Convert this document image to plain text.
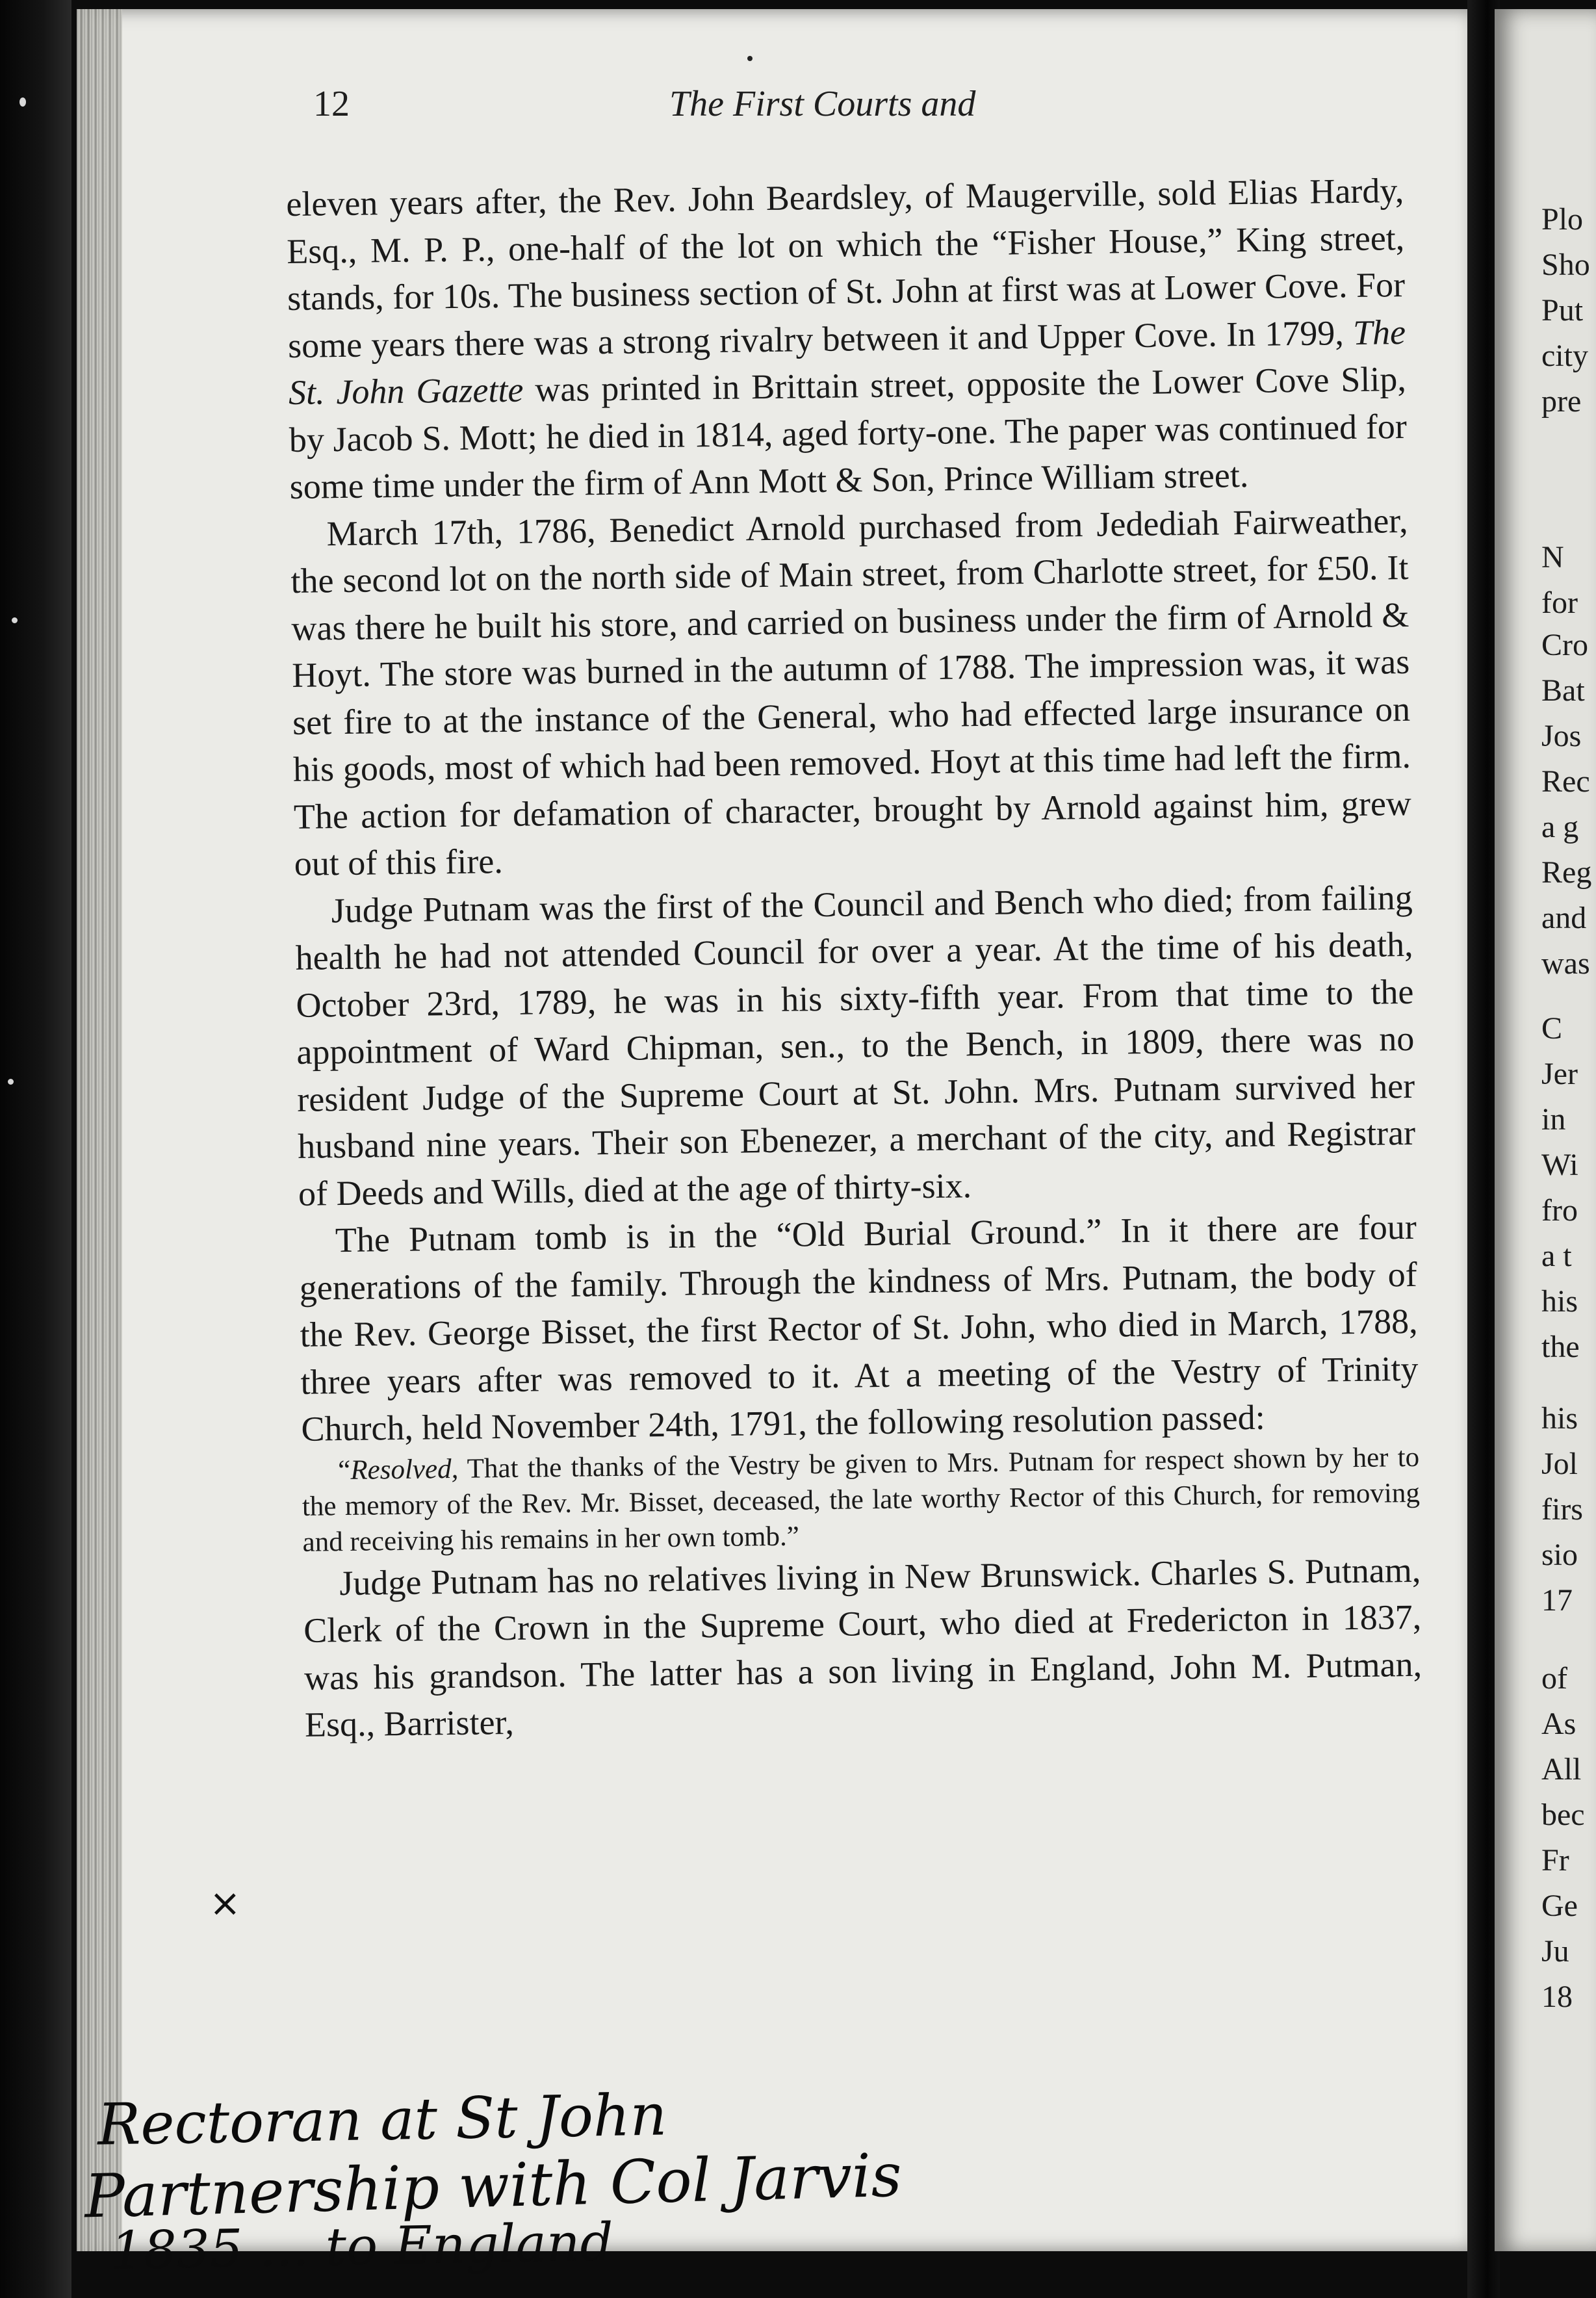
Plo
Sho
Put
city
pre
N
for
Cro
Bat
Jos
Rec
a g
Reg
and
was
C
Jer
in
Wi
fro
a t
his
the
his
Jol
firs
sio
17
of
As
All
bec
Fr
Ge
Ju
18
12	The First Courts and

eleven years after, the Rev. John Beardsley, of Maugerville, sold Elias Hardy, Esq., M. P. P., one-half of the lot on which the “Fisher House,” King street, stands, for 10s. The business section of St. John at first was at Lower Cove. For some years there was a strong rivalry between it and Upper Cove. In 1799, The St. John Gazette was printed in Brittain street, opposite the Lower Cove Slip, by Jacob S. Mott; he died in 1814, aged forty-one. The paper was continued for some time under the firm of Ann Mott & Son, Prince William street.

March 17th, 1786, Benedict Arnold purchased from Jedediah Fairweather, the second lot on the north side of Main street, from Charlotte street, for £50. It was there he built his store, and carried on business under the firm of Arnold & Hoyt. The store was burned in the autumn of 1788. The impression was, it was set fire to at the instance of the General, who had effected large insurance on his goods, most of which had been removed. Hoyt at this time had left the firm. The action for defamation of character, brought by Arnold against him, grew out of this fire.

Judge Putnam was the first of the Council and Bench who died; from failing health he had not attended Council for over a year. At the time of his death, October 23rd, 1789, he was in his sixty-fifth year. From that time to the appointment of Ward Chipman, sen., to the Bench, in 1809, there was no resident Judge of the Supreme Court at St. John. Mrs. Putnam survived her husband nine years. Their son Ebenezer, a merchant of the city, and Registrar of Deeds and Wills, died at the age of thirty-six.

The Putnam tomb is in the “Old Burial Ground.” In it there are four generations of the family. Through the kindness of Mrs. Putnam, the body of the Rev. George Bisset, the first Rector of St. John, who died in March, 1788, three years after was removed to it. At a meeting of the Vestry of Trinity Church, held November 24th, 1791, the following resolution passed:

“Resolved, That the thanks of the Vestry be given to Mrs. Putnam for respect shown by her to the memory of the Rev. Mr. Bisset, deceased, the late worthy Rector of this Church, for removing and receiving his remains in her own tomb.”

Judge Putnam has no relatives living in New Brunswick. Charles S. Putnam, Clerk of the Crown in the Supreme Court, who died at Fredericton in 1837, was his grandson. The latter has a son living in England, John M. Putman, Esq., Barrister,

×
Rectoran at St John
Partnership with Col Jarvis
1835 ... to England
